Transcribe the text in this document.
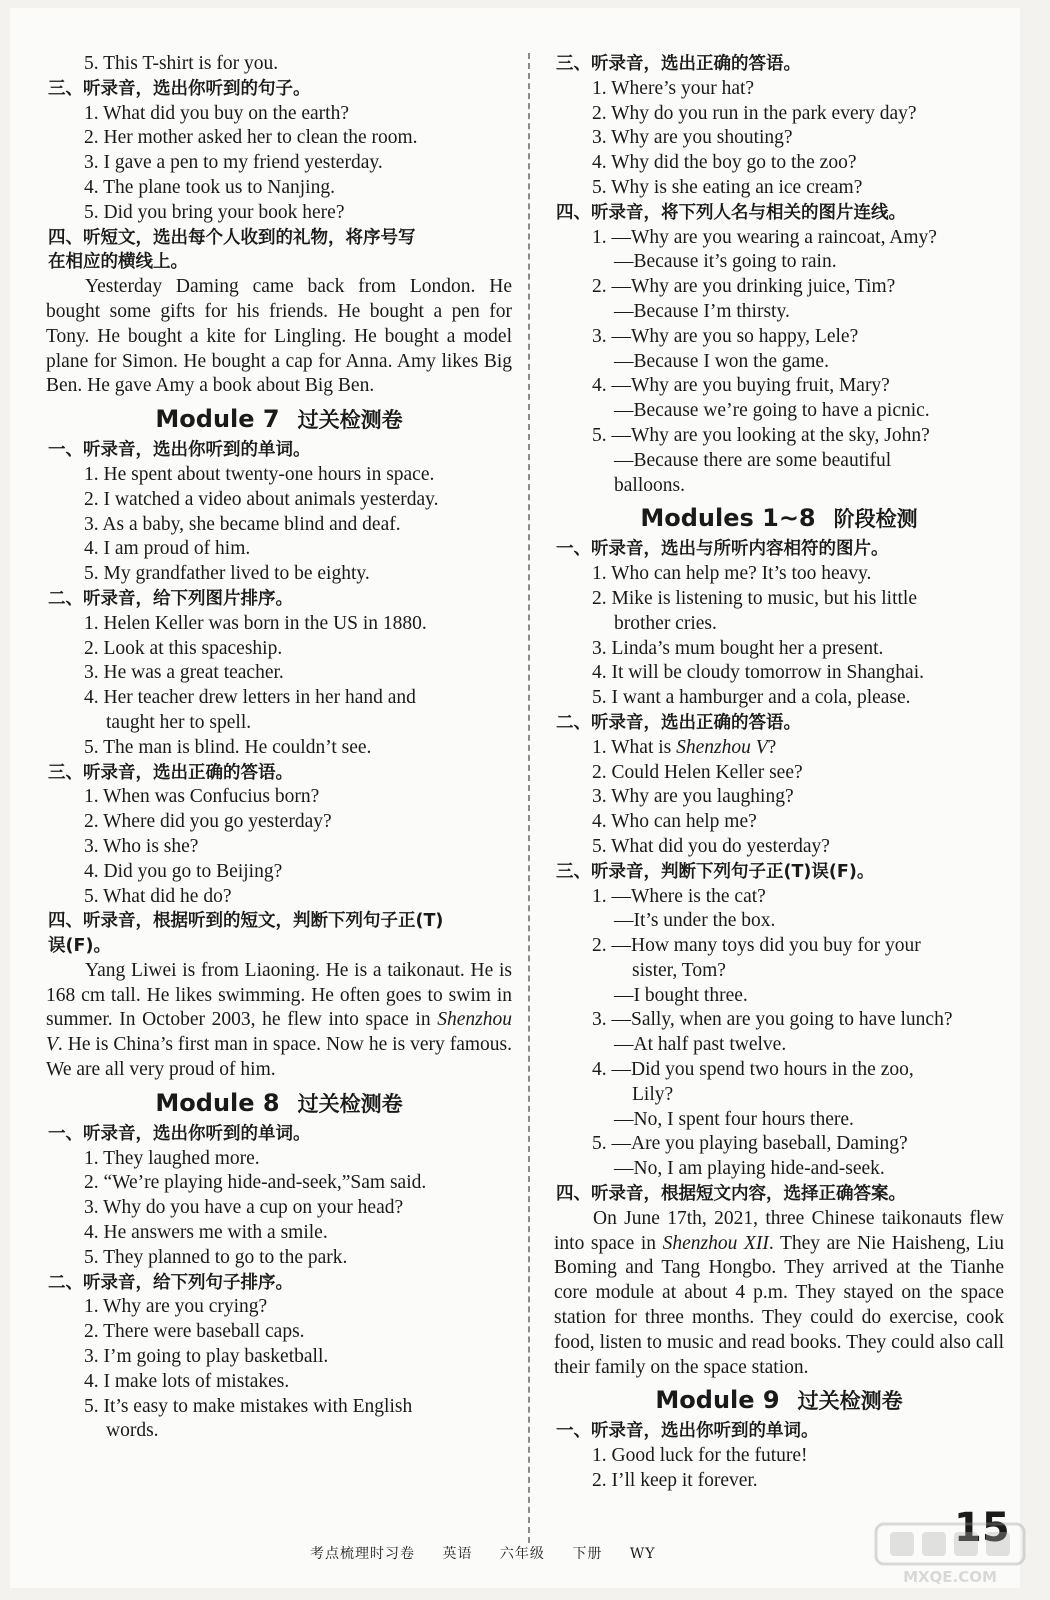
5. This T-shirt is for you.
三、听录音，选出你听到的句子。
1. What did you buy on the earth?
2. Her mother asked her to clean the room.
3. I gave a pen to my friend yesterday.
4. The plane took us to Nanjing.
5. Did you bring your book here?
四、听短文，选出每个人收到的礼物，将序号写
在相应的横线上。
Yesterday Daming came back from London. He bought some gifts for his friends. He bought a pen for Tony. He bought a kite for Lingling. He bought a model plane for Simon. He bought a cap for Anna. Amy likes Big Ben. He gave Amy a book about Big Ben.
Module 7 过关检测卷
一、听录音，选出你听到的单词。
1. He spent about twenty-one hours in space.
2. I watched a video about animals yesterday.
3. As a baby, she became blind and deaf.
4. I am proud of him.
5. My grandfather lived to be eighty.
二、听录音，给下列图片排序。
1. Helen Keller was born in the US in 1880.
2. Look at this spaceship.
3. He was a great teacher.
4. Her teacher drew letters in her hand and
taught her to spell.
5. The man is blind. He couldn’t see.
三、听录音，选出正确的答语。
1. When was Confucius born?
2. Where did you go yesterday?
3. Who is she?
4. Did you go to Beijing?
5. What did he do?
四、听录音，根据听到的短文，判断下列句子正(T)
误(F)。
Yang Liwei is from Liaoning. He is a taikonaut. He is 168 cm tall. He likes swimming. He often goes to swim in summer. In October 2003, he flew into space in Shenzhou V. He is China’s first man in space. Now he is very famous. We are all very proud of him.
Module 8 过关检测卷
一、听录音，选出你听到的单词。
1. They laughed more.
2. “We’re playing hide-and-seek,”Sam said.
3. Why do you have a cup on your head?
4. He answers me with a smile.
5. They planned to go to the park.
二、听录音，给下列句子排序。
1. Why are you crying?
2. There were baseball caps.
3. I’m going to play basketball.
4. I make lots of mistakes.
5. It’s easy to make mistakes with English
words.
三、听录音，选出正确的答语。
1. Where’s your hat?
2. Why do you run in the park every day?
3. Why are you shouting?
4. Why did the boy go to the zoo?
5. Why is she eating an ice cream?
四、听录音，将下列人名与相关的图片连线。
1. —Why are you wearing a raincoat, Amy?
—Because it’s going to rain.
2. —Why are you drinking juice, Tim?
—Because I’m thirsty.
3. —Why are you so happy, Lele?
—Because I won the game.
4. —Why are you buying fruit, Mary?
—Because we’re going to have a picnic.
5. —Why are you looking at the sky, John?
—Because there are some beautiful
balloons.
Modules 1~8 阶段检测
一、听录音，选出与所听内容相符的图片。
1. Who can help me? It’s too heavy.
2. Mike is listening to music, but his little
brother cries.
3. Linda’s mum bought her a present.
4. It will be cloudy tomorrow in Shanghai.
5. I want a hamburger and a cola, please.
二、听录音，选出正确的答语。
1. What is Shenzhou V?
2. Could Helen Keller see?
3. Why are you laughing?
4. Who can help me?
5. What did you do yesterday?
三、听录音，判断下列句子正(T)误(F)。
1. —Where is the cat?
—It’s under the box.
2. —How many toys did you buy for your
sister, Tom?
—I bought three.
3. —Sally, when are you going to have lunch?
—At half past twelve.
4. —Did you spend two hours in the zoo,
Lily?
—No, I spent four hours there.
5. —Are you playing baseball, Daming?
—No, I am playing hide-and-seek.
四、听录音，根据短文内容，选择正确答案。
On June 17th, 2021, three Chinese taikonauts flew into space in Shenzhou XII. They are Nie Haisheng, Liu Boming and Tang Hongbo. They arrived at the Tianhe core module at about 4 p.m. They stayed on the space station for three months. They could do exercise, cook food, listen to music and read books. They could also call their family on the space station.
Module 9 过关检测卷
一、听录音，选出你听到的单词。
1. Good luck for the future!
2. I’ll keep it forever.
考点梳理时习卷 英语 六年级 下册 WY
15
MXQE.COM
